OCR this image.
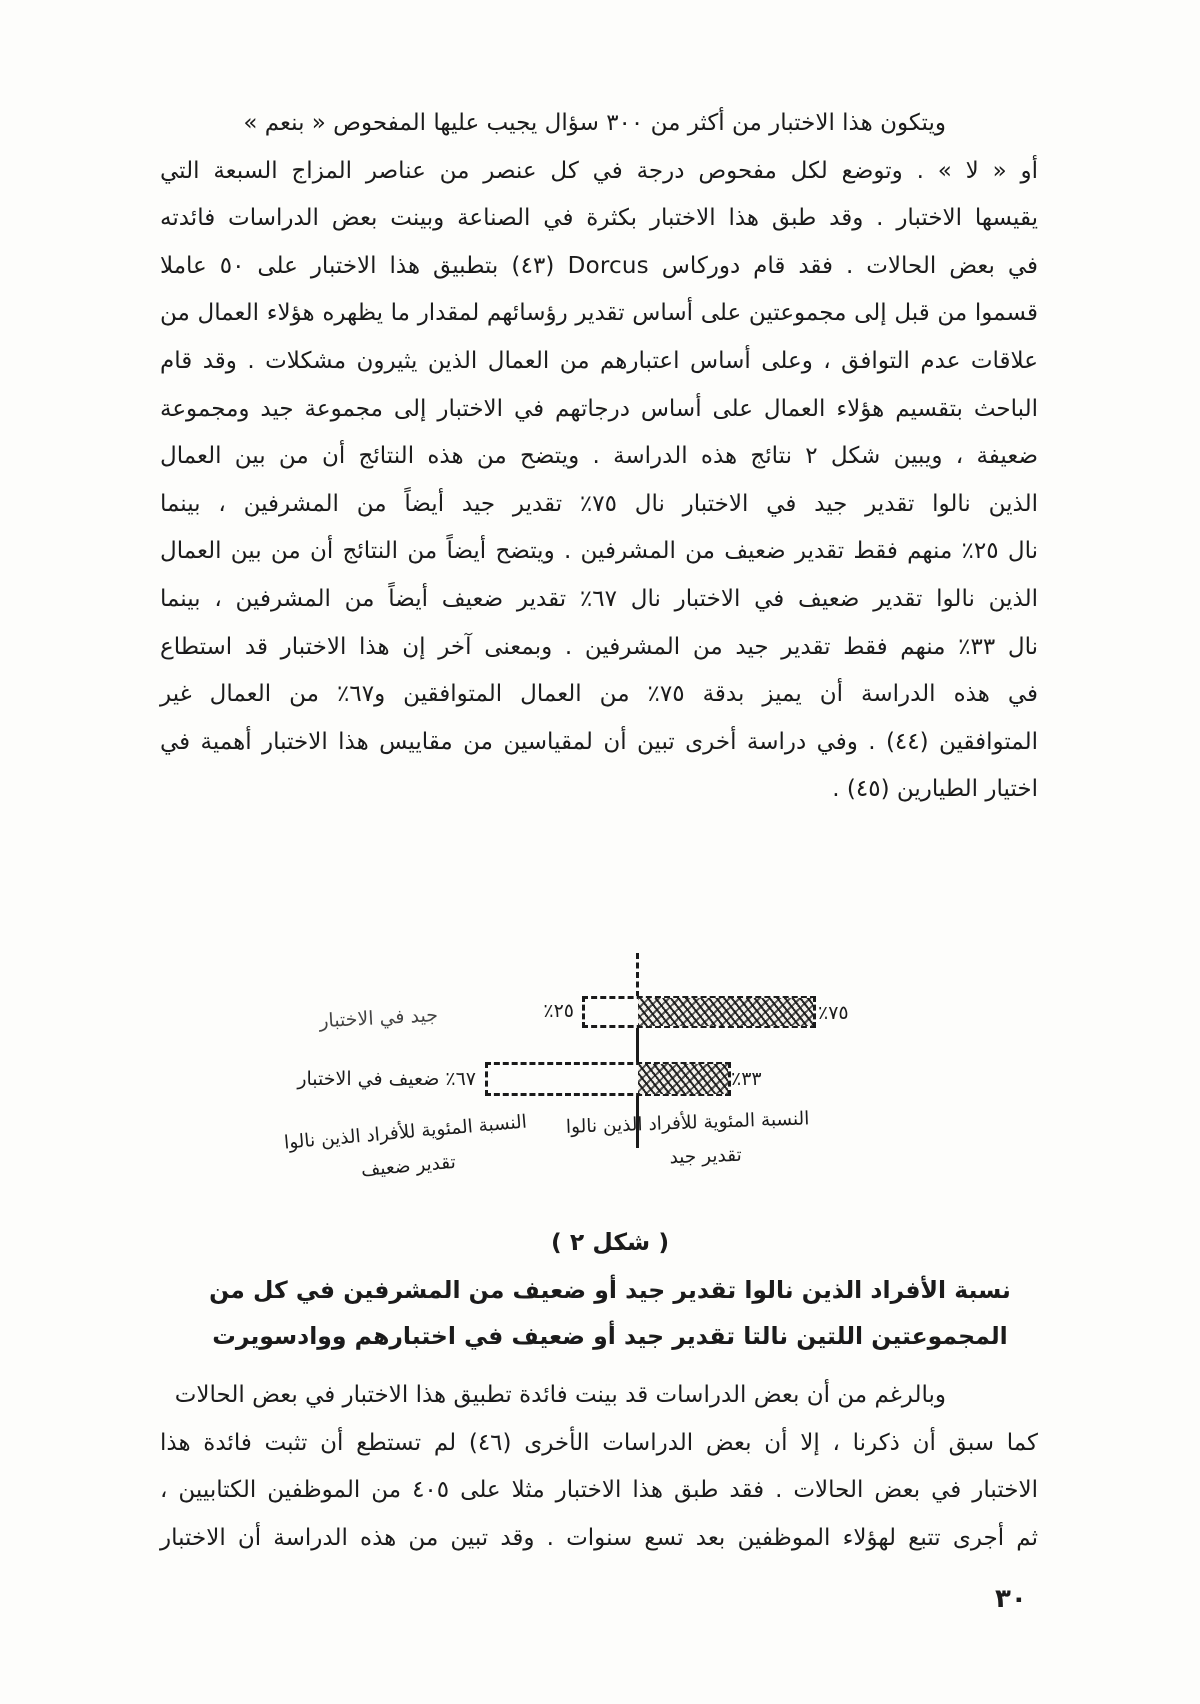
ويتكون هذا الاختبار من أكثر من ٣٠٠ سؤال يجيب عليها المفحوص « بنعم »
أو « لا » . وتوضع لكل مفحوص درجة في كل عنصر من عناصر المزاج السبعة التي
يقيسها الاختبار . وقد طبق هذا الاختبار بكثرة في الصناعة وبينت بعض الدراسات فائدته
في بعض الحالات . فقد قام دوركاس Dorcus (٤٣) بتطبيق هذا الاختبار على ٥٠ عاملا
قسموا من قبل إلى مجموعتين على أساس تقدير رؤسائهم لمقدار ما يظهره هؤلاء العمال من
علاقات عدم التوافق ، وعلى أساس اعتبارهم من العمال الذين يثيرون مشكلات . وقد قام
الباحث بتقسيم هؤلاء العمال على أساس درجاتهم في الاختبار إلى مجموعة جيد ومجموعة
ضعيفة ، ويبين شكل ٢ نتائج هذه الدراسة . ويتضح من هذه النتائج أن من بين العمال
الذين نالوا تقدير جيد في الاختبار نال ٧٥٪ تقدير جيد أيضاً من المشرفين ، بينما
نال ٢٥٪ منهم فقط تقدير ضعيف من المشرفين . ويتضح أيضاً من النتائج أن من بين العمال
الذين نالوا تقدير ضعيف في الاختبار نال ٦٧٪ تقدير ضعيف أيضاً من المشرفين ، بينما
نال ٣٣٪ منهم فقط تقدير جيد من المشرفين . وبمعنى آخر إن هذا الاختبار قد استطاع
في هذه الدراسة أن يميز بدقة ٧٥٪ من العمال المتوافقين و٦٧٪ من العمال غير
المتوافقين (٤٤) . وفي دراسة أخرى تبين أن لمقياسين من مقاييس هذا الاختبار أهمية في
اختيار الطيارين (٤٥) .
جيد في الاختبار	٢٥٪	٧٥٪
٦٧٪ ضعيف في الاختبار	٣٣٪
النسبة المئوية للأفراد الذين نالوا
تقدير جيد
النسبة المئوية للأفراد الذين نالوا
تقدير ضعيف
( شكل ٢ )
نسبة الأفراد الذين نالوا تقدير جيد أو ضعيف من المشرفين في كل من
المجموعتين اللتين نالتا تقدير جيد أو ضعيف في اختبارهم ووادسويرت
وبالرغم من أن بعض الدراسات قد بينت فائدة تطبيق هذا الاختبار في بعض الحالات
كما سبق أن ذكرنا ، إلا أن بعض الدراسات الأخرى (٤٦) لم تستطع أن تثبت فائدة هذا
الاختبار في بعض الحالات . فقد طبق هذا الاختبار مثلا على ٤٠٥ من الموظفين الكتابيين ،
ثم أجرى تتبع لهؤلاء الموظفين بعد تسع سنوات . وقد تبين من هذه الدراسة أن الاختبار
٣٠
